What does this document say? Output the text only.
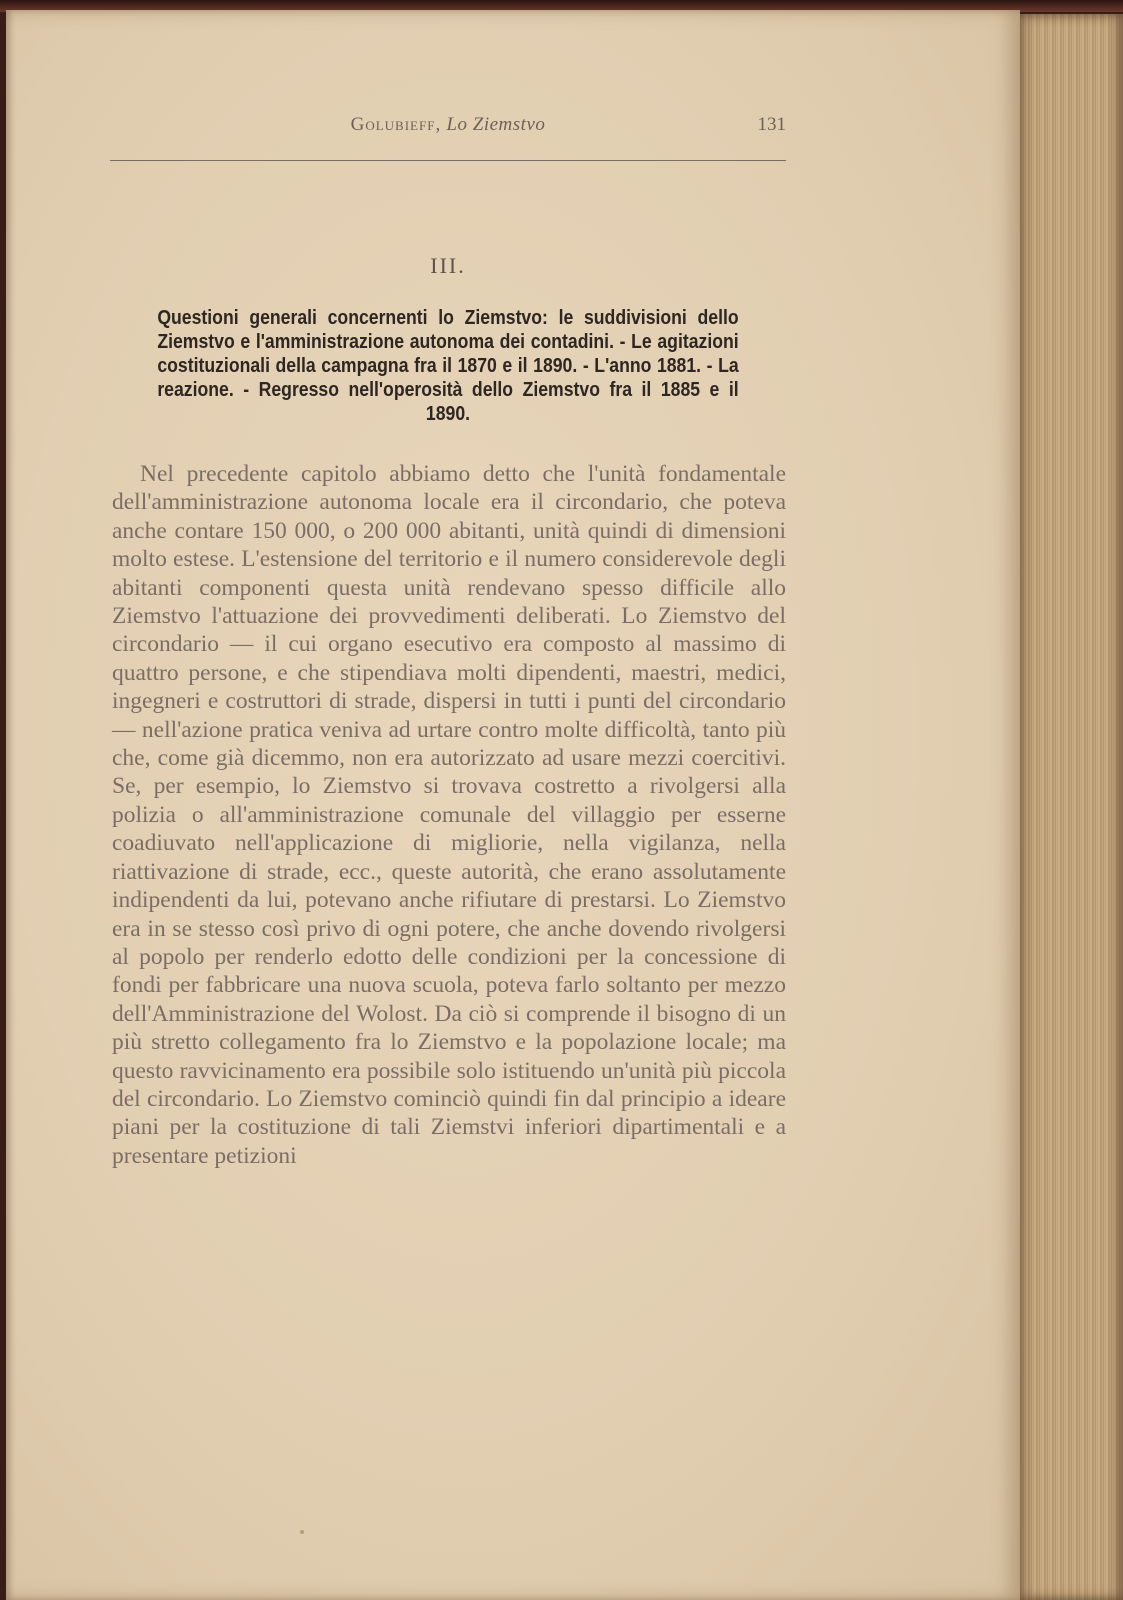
Golubieff, Lo Ziemstvo	131
III.
Questioni generali concernenti lo Ziemstvo: le suddivisioni dello Ziemstvo e l'amministrazione autonoma dei contadini. - Le agitazioni costituzionali della campagna fra il 1870 e il 1890. - L'anno 1881. - La reazione. - Regresso nell'operosità dello Ziemstvo fra il 1885 e il 1890.
Nel precedente capitolo abbiamo detto che l'unità fondamentale dell'amministrazione autonoma locale era il circondario, che poteva anche contare 150 000, o 200 000 abitanti, unità quindi di dimensioni molto estese. L'estensione del territorio e il numero considerevole degli abitanti componenti questa unità rendevano spesso difficile allo Ziemstvo l'attuazione dei provvedimenti deliberati. Lo Ziemstvo del circondario — il cui organo esecutivo era composto al massimo di quattro persone, e che stipendiava molti dipendenti, maestri, medici, ingegneri e costruttori di strade, dispersi in tutti i punti del circondario — nell'azione pratica veniva ad urtare contro molte difficoltà, tanto più che, come già dicemmo, non era autorizzato ad usare mezzi coercitivi. Se, per esempio, lo Ziemstvo si trovava costretto a rivolgersi alla polizia o all'amministrazione comunale del villaggio per esserne coadiuvato nell'applicazione di migliorie, nella vigilanza, nella riattivazione di strade, ecc., queste autorità, che erano assolutamente indipendenti da lui, potevano anche rifiutare di prestarsi. Lo Ziemstvo era in se stesso così privo di ogni potere, che anche dovendo rivolgersi al popolo per renderlo edotto delle condizioni per la concessione di fondi per fabbricare una nuova scuola, poteva farlo soltanto per mezzo dell'Amministrazione del Wolost. Da ciò si comprende il bisogno di un più stretto collegamento fra lo Ziemstvo e la popolazione locale; ma questo ravvicinamento era possibile solo istituendo un'unità più piccola del circondario. Lo Ziemstvo cominciò quindi fin dal principio a ideare piani per la costituzione di tali Ziemstvi inferiori dipartimentali e a presentare petizioni
